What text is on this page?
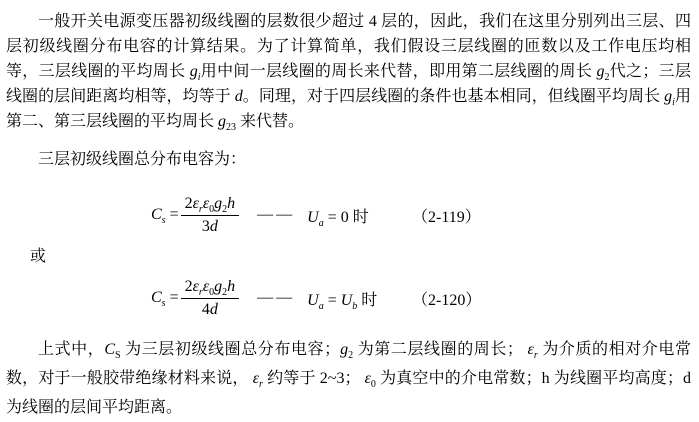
一般开关电源变压器初级线圈的层数很少超过 4 层的，因此，我们在这里分别列出三层、四层初级线圈分布电容的计算结果。为了计算简单，我们假设三层线圈的匝数以及工作电压均相等，三层线圈的平均周长 $g_i$用中间一层线圈的周长来代替，即用第二层线圈的周长 $g_2$代之；三层线圈的层间距离均相等，均等于 d。同理，对于四层线圈的条件也基本相同，但线圈平均周长 $g_i$用第二、第三层线圈的平均周长 $g_{23}$ 来代替。

三层初级线圈总分布电容为：

$C_s = \frac{2\varepsilon_r\varepsilon_0g_2h}{3d}$ —— $U_a = 0$ 时	（2-119）

或

$C_s = \frac{2\varepsilon_r\varepsilon_0g_2h}{4d}$ —— $U_a = U_b$ 时 （2-120）

上式中，$C_S$ 为三层初级线圈总分布电容；$g_2$ 为第二层线圈的周长； $\varepsilon_r$ 为介质的相对介电常数，对于一般胶带绝缘材料来说， $\varepsilon_r$ 约等于 2~3； $\varepsilon_0$ 为真空中的介电常数；h 为线圈平均高度；d 为线圈的层间平均距离。
